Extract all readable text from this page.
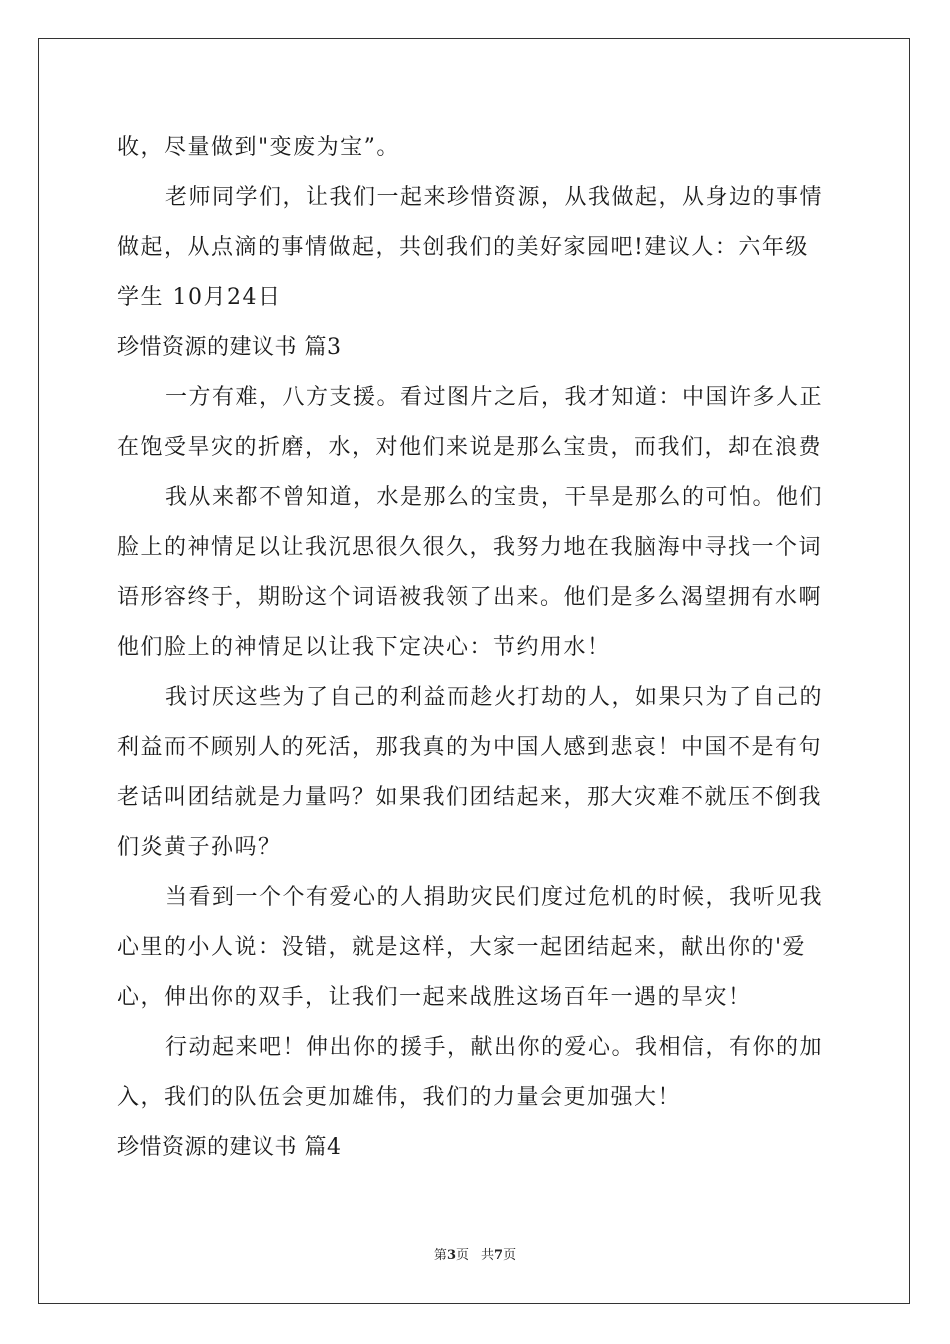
收，尽量做到"变废为宝”。
老师同学们，让我们一起来珍惜资源，从我做起，从身边的事情
做起，从点滴的事情做起，共创我们的美好家园吧!建议人：六年级
学生 10月24日
珍惜资源的建议书 篇3
一方有难，八方支援。看过图片之后，我才知道：中国许多人正
在饱受旱灾的折磨，水，对他们来说是那么宝贵，而我们，却在浪费
我从来都不曾知道，水是那么的宝贵，干旱是那么的可怕。他们
脸上的神情足以让我沉思很久很久，我努力地在我脑海中寻找一个词
语形容终于，期盼这个词语被我领了出来。他们是多么渴望拥有水啊
他们脸上的神情足以让我下定决心：节约用水！
我讨厌这些为了自己的利益而趁火打劫的人，如果只为了自己的
利益而不顾别人的死活，那我真的为中国人感到悲哀！中国不是有句
老话叫团结就是力量吗？如果我们团结起来，那大灾难不就压不倒我
们炎黄子孙吗？
当看到一个个有爱心的人捐助灾民们度过危机的时候，我听见我
心里的小人说：没错，就是这样，大家一起团结起来，献出你的'爱
心，伸出你的双手，让我们一起来战胜这场百年一遇的旱灾！
行动起来吧！伸出你的援手，献出你的爱心。我相信，有你的加
入，我们的队伍会更加雄伟，我们的力量会更加强大！
珍惜资源的建议书 篇4
第3页 共7页
